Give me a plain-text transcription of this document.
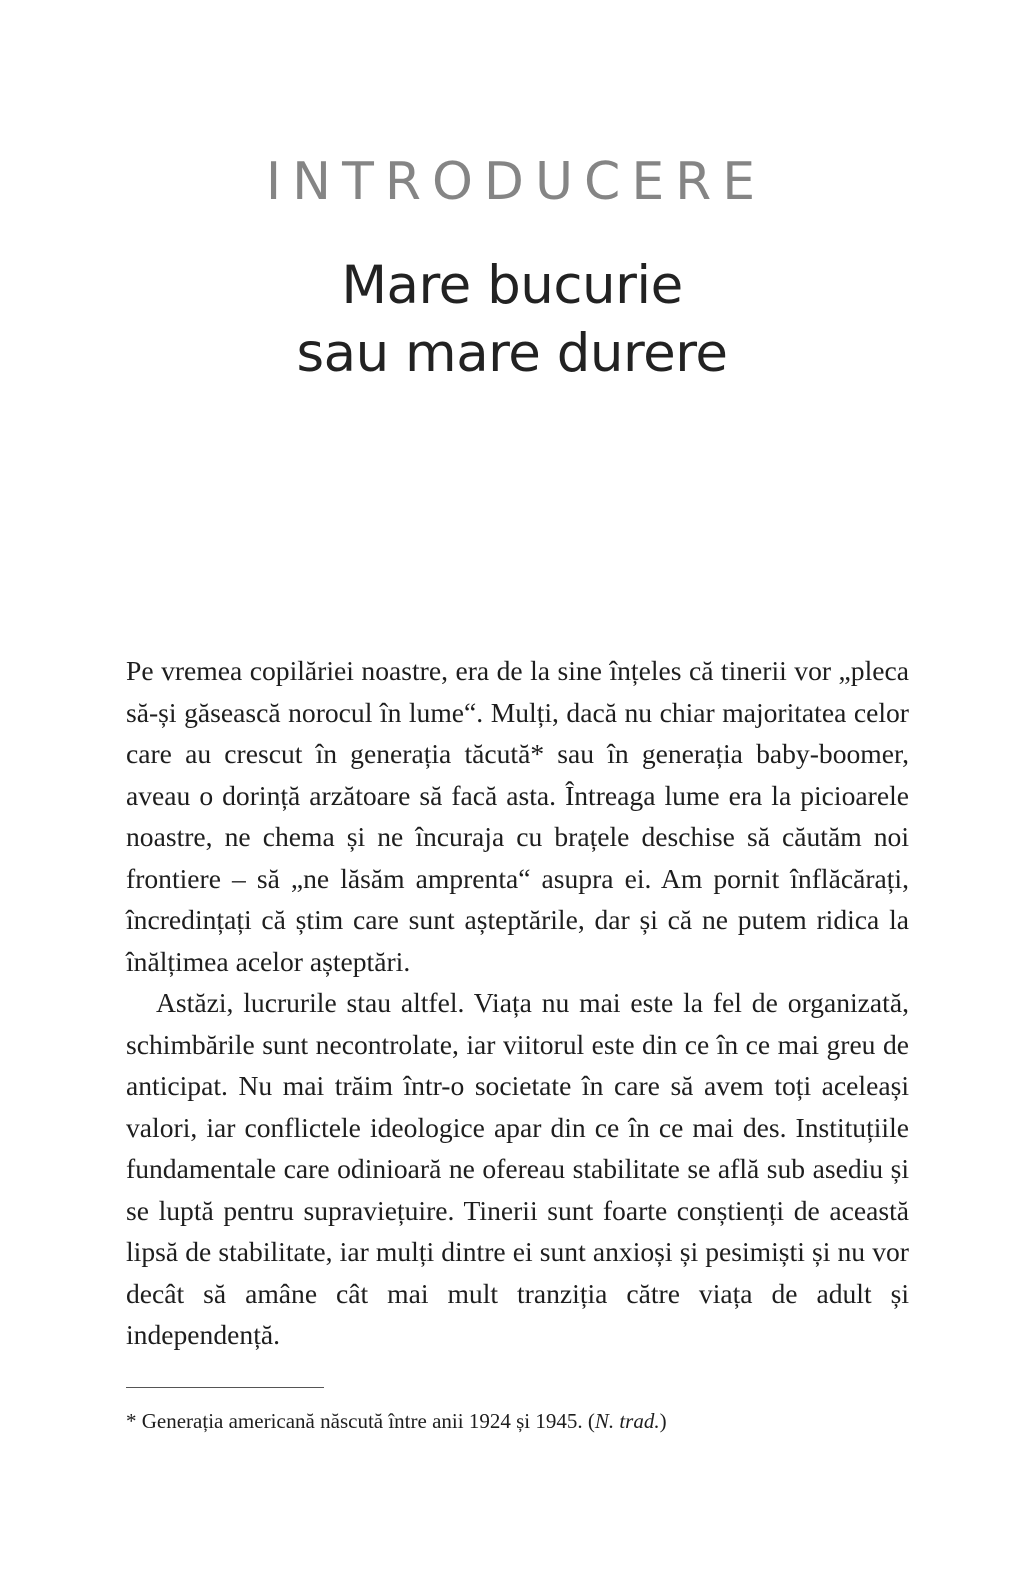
INTRODUCERE
Mare bucurie
sau mare durere

Pe vremea copilăriei noastre, era de la sine înțeles că tinerii vor „pleca să-și găsească norocul în lume“. Mulți, dacă nu chiar majoritatea celor care au crescut în generația tăcută* sau în generația baby-boomer, aveau o dorință arzătoare să facă asta. Întreaga lume era la picioarele noastre, ne chema și ne încuraja cu brațele deschise să căutăm noi frontiere – să „ne lăsăm amprenta“ asupra ei. Am pornit înflăcărați, încredințați că știm care sunt așteptările, dar și că ne putem ridica la înălțimea acelor așteptări.

Astăzi, lucrurile stau altfel. Viața nu mai este la fel de organizată, schimbările sunt necontrolate, iar viitorul este din ce în ce mai greu de anticipat. Nu mai trăim într-o societate în care să avem toți aceleași valori, iar conflictele ideologice apar din ce în ce mai des. Instituțiile fundamentale care odinioară ne ofereau stabilitate se află sub asediu și se luptă pentru supraviețuire. Tinerii sunt foarte conștienți de această lipsă de stabilitate, iar mulți dintre ei sunt anxioși și pesimiști și nu vor decât să amâne cât mai mult tranziția către viața de adult și independență.

* Generația americană născută între anii 1924 și 1945. (N. trad.)
